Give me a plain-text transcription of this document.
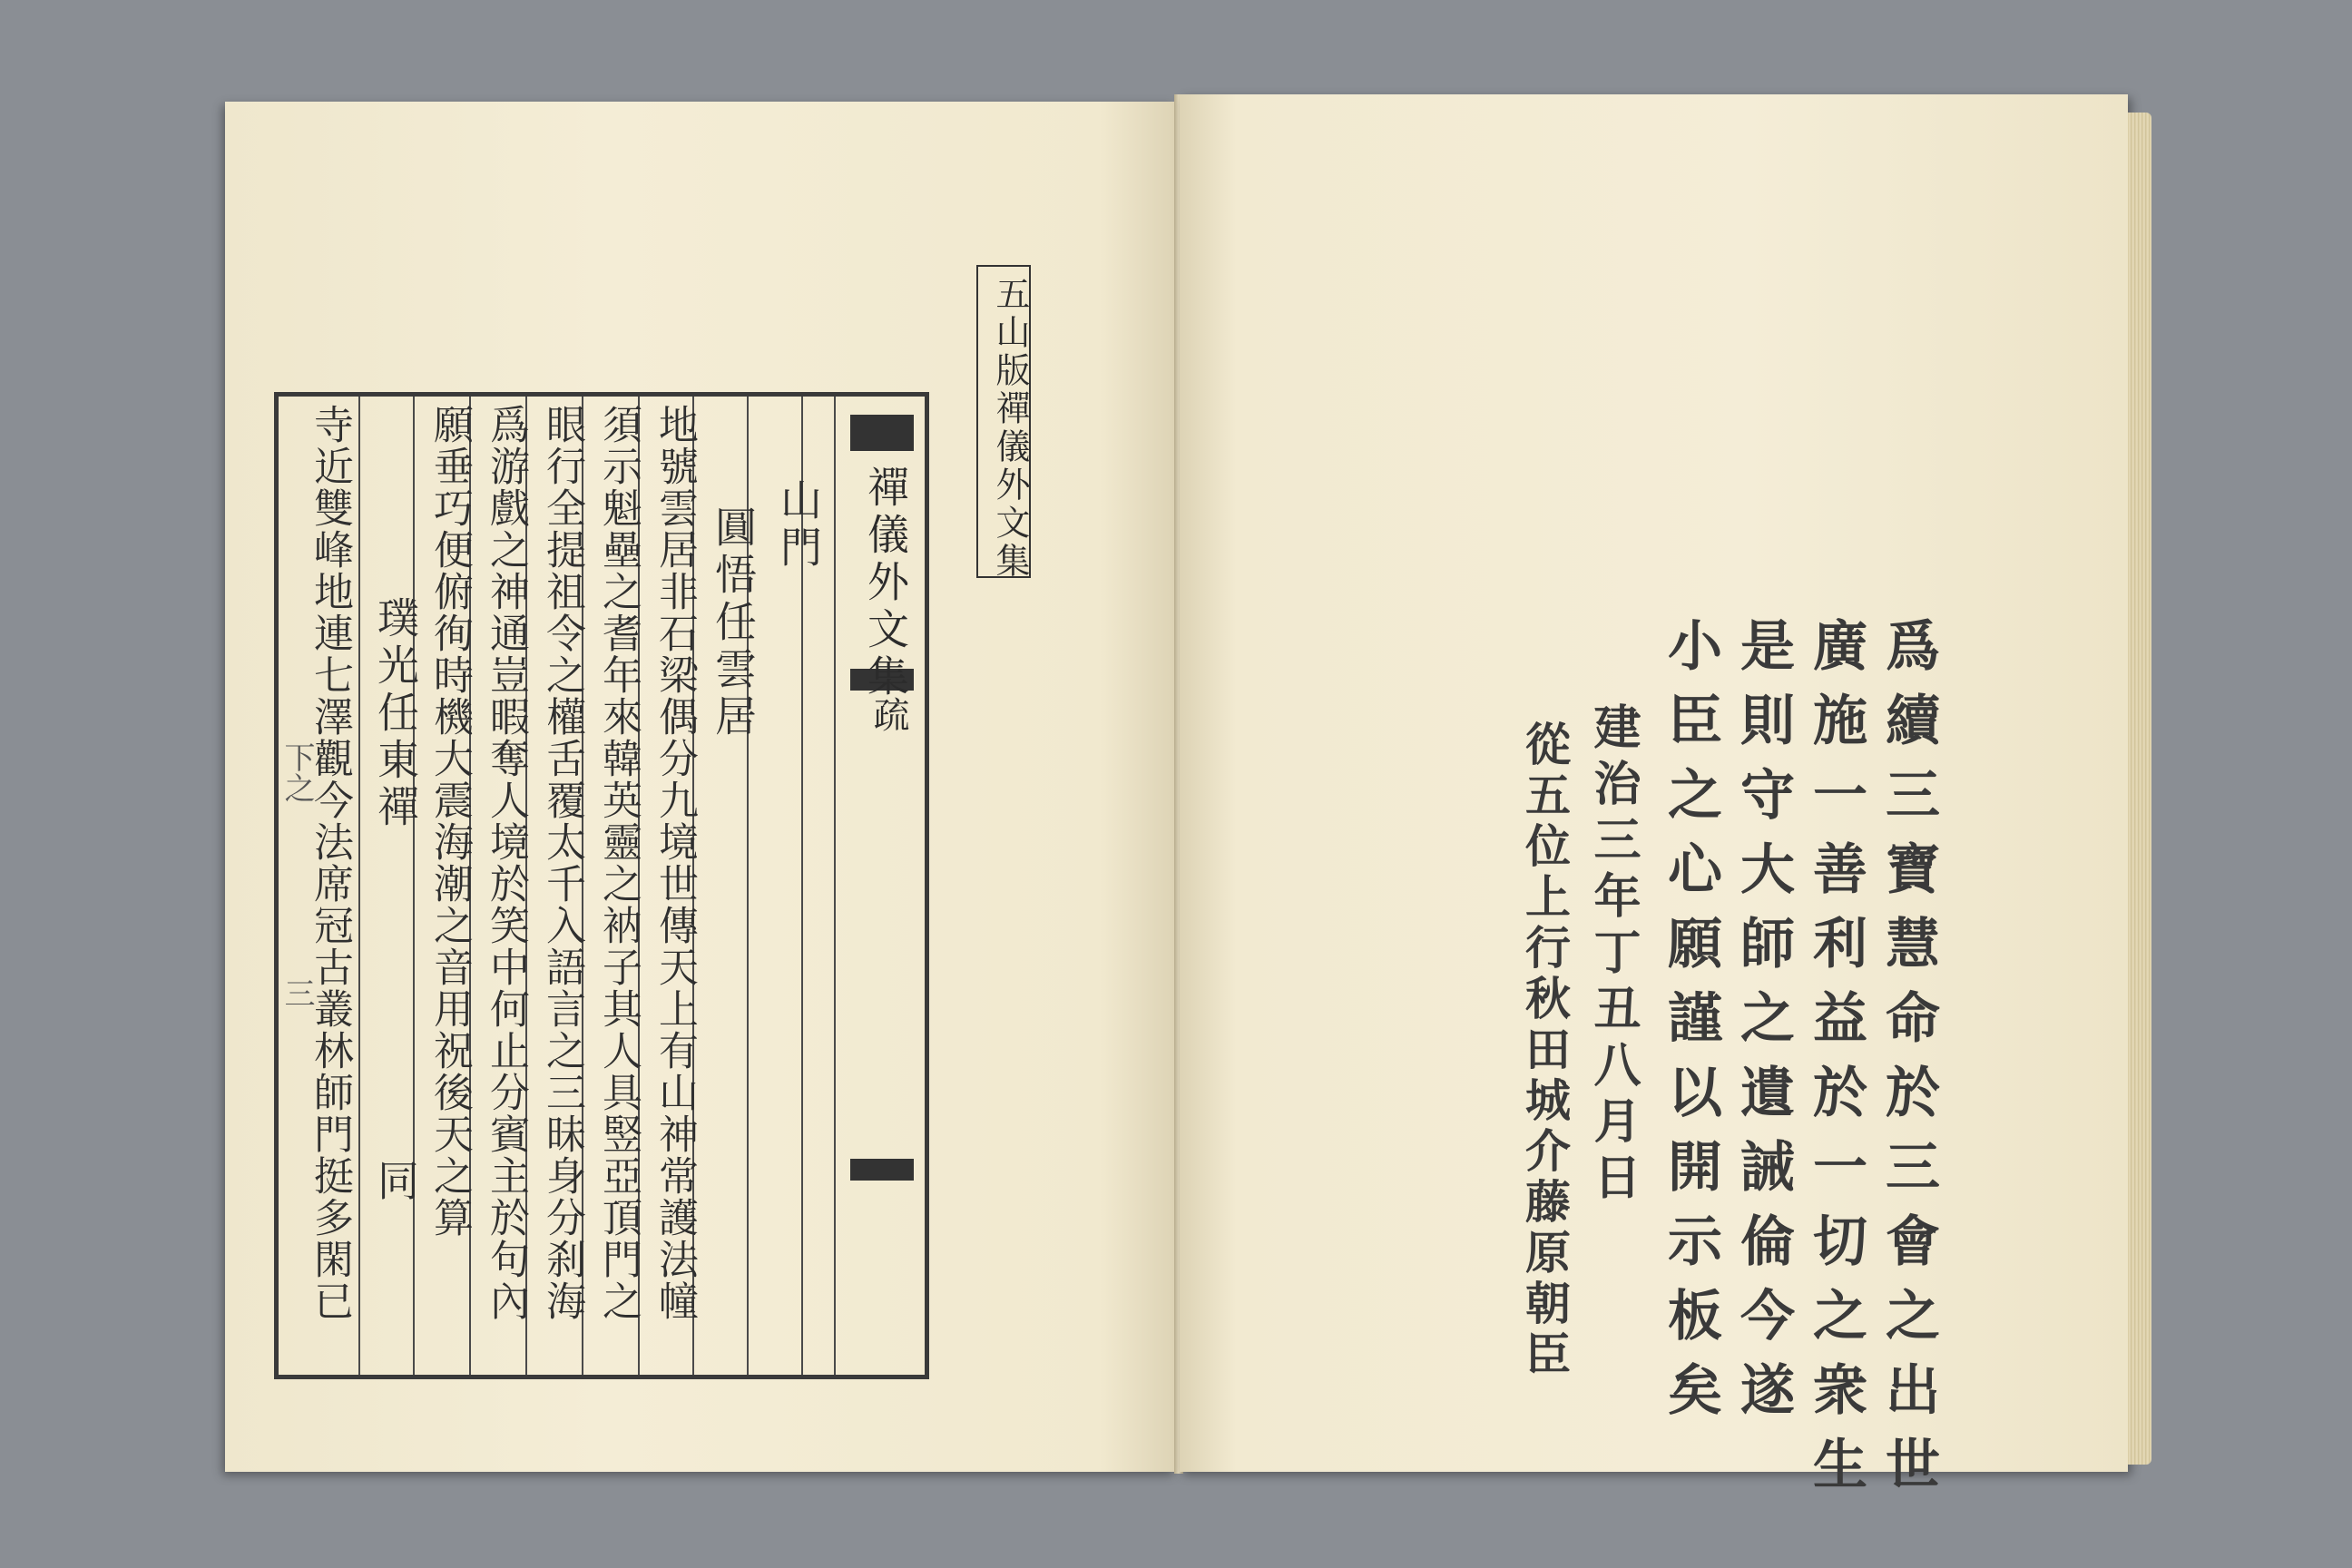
五山版禪儀外文集
禪儀外文集
疏
山門
圓悟任雲居
地號雲居非石梁偶分九境世傳天上有山神常護法幢
須示魁壘之耆年來韓英靈之衲子其人具竪亞頂門之
眼行全提祖令之權舌覆太千入語言之三昧身分刹海
爲游戲之神通豈暇奪人境於笑中何止分賓主於句內
願垂巧便俯徇時機大震海潮之音用祝後天之算
璞光任東禪
同
寺近雙峰地連七澤觀今法席冠古叢林師門挺多閑已
三
下之	爲續三寶慧命於三會之出世
廣施一善利益於一切之衆生
是則守大師之遺誡倫今遂
小臣之心願謹以開示板矣
建治三年丁丑八月日
從五位上行秋田城介藤原朝臣
